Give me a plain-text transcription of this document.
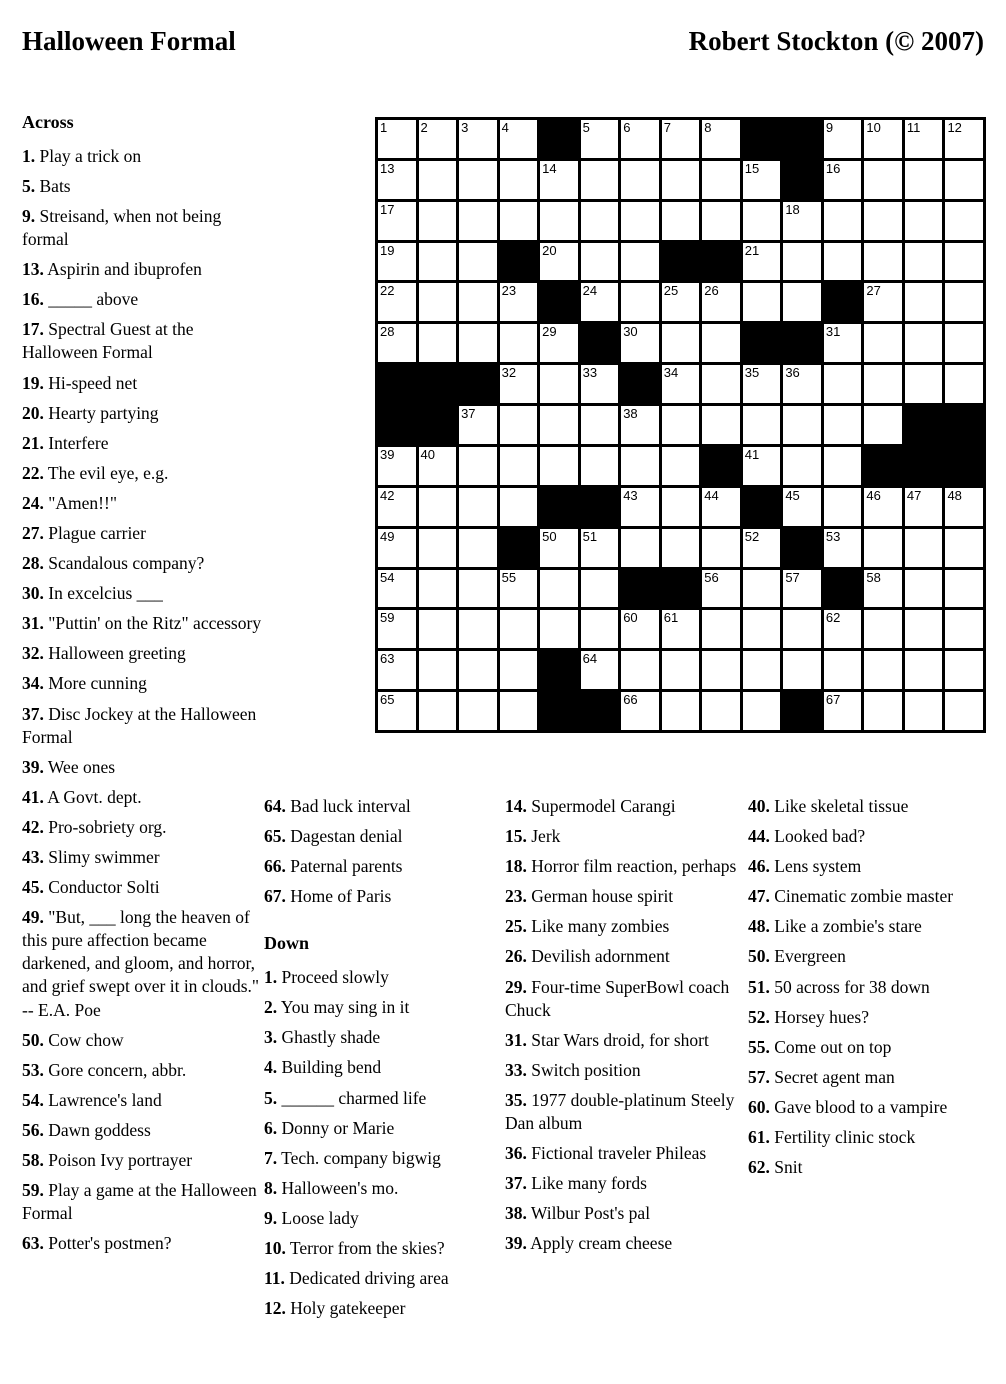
Halloween Formal	Robert Stockton (© 2007)
1	2	3	4	5	6	7	8	9	10 11 12
13	14	15	16
17	18
19	20	21
22	23	24	25 26	27
28	29	30	31
32	33	34	35 36
37	38
39 40	41
42	43	44	45	46 47 48
49	50 51	52	53
54	55	56	57	58
59	60 61	62
63	64
65	66	67
Across
1. Play a trick on
5. Bats
9. Streisand, when not being formal
13. Aspirin and ibuprofen
16. _____ above
17. Spectral Guest at the Halloween Formal
19. Hi-speed net
20. Hearty partying
21. Interfere
22. The evil eye, e.g.
24. "Amen!!"
27. Plague carrier
28. Scandalous company?
30. In excelcius ___
31. "Puttin' on the Ritz" accessory
32. Halloween greeting
34. More cunning
37. Disc Jockey at the Halloween Formal
39. Wee ones
41. A Govt. dept.
42. Pro-sobriety org.
43. Slimy swimmer
45. Conductor Solti
49. "But, ___ long the heaven of this pure affection became darkened, and gloom, and horror, and grief swept over it in clouds." -- E.A. Poe
50. Cow chow
53. Gore concern, abbr.
54. Lawrence's land
56. Dawn goddess
58. Poison Ivy portrayer
59. Play a game at the Halloween Formal
63. Potter's postmen?
64. Bad luck interval
65. Dagestan denial
66. Paternal parents
67. Home of Paris
Down
1. Proceed slowly
2. You may sing in it
3. Ghastly shade
4. Building bend
5. ______ charmed life
6. Donny or Marie
7. Tech. company bigwig
8. Halloween's mo.
9. Loose lady
10. Terror from the skies?
11. Dedicated driving area
12. Holy gatekeeper
14. Supermodel Carangi
15. Jerk
18. Horror film reaction, perhaps
23. German house spirit
25. Like many zombies
26. Devilish adornment
29. Four-time SuperBowl coach Chuck
31. Star Wars droid, for short
33. Switch position
35. 1977 double-platinum Steely Dan album
36. Fictional traveler Phileas
37. Like many fords
38. Wilbur Post's pal
39. Apply cream cheese
40. Like skeletal tissue
44. Looked bad?
46. Lens system
47. Cinematic zombie master
48. Like a zombie's stare
50. Evergreen
51. 50 across for 38 down
52. Horsey hues?
55. Come out on top
57. Secret agent man
60. Gave blood to a vampire
61. Fertility clinic stock
62. Snit
